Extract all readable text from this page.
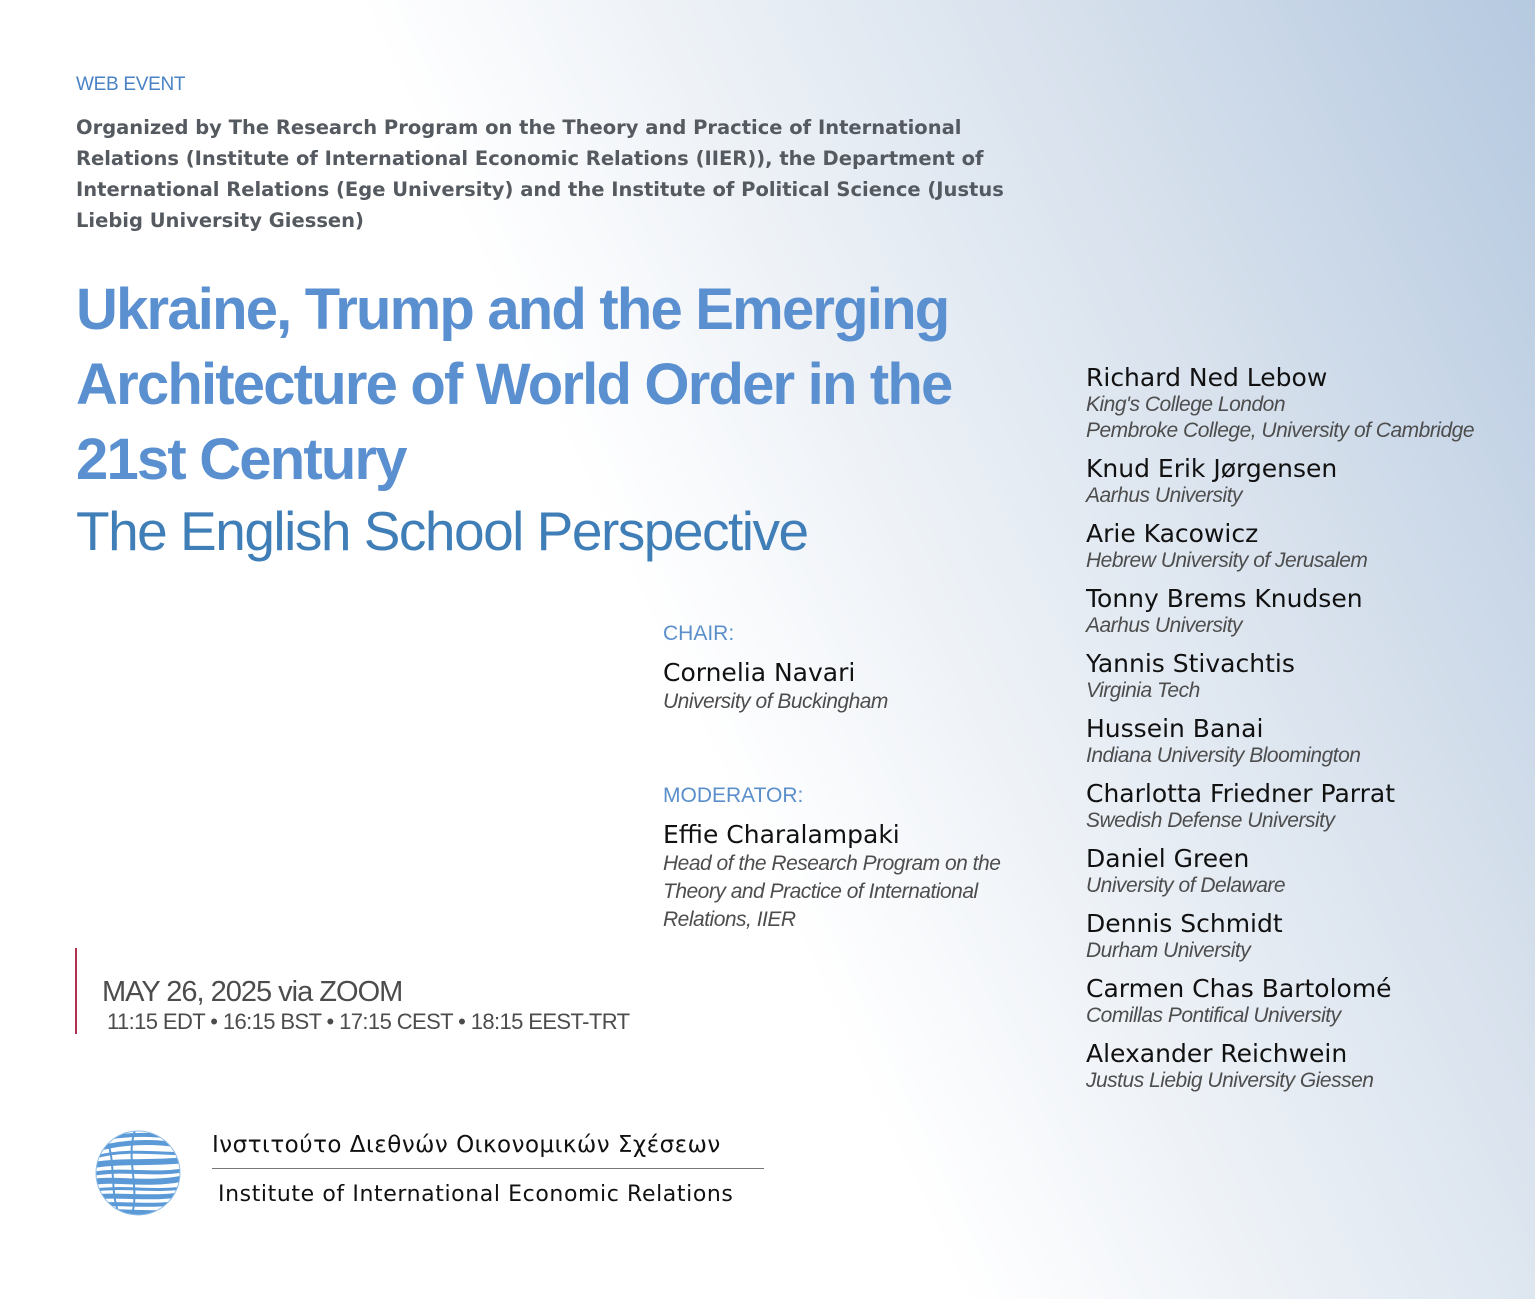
WEB EVENT
Organized by The Research Program on the Theory and Practice of International Relations (Institute of International Economic Relations (IIER)), the Department of International Relations (Ege University) and the Institute of Political Science (Justus Liebig University Giessen)
Ukraine, Trump and the Emerging
Architecture of World Order in the
21st Century
The English School Perspective
CHAIR:
Cornelia Navari
University of Buckingham
MODERATOR:
Effie Charalampaki
Head of the Research Program on the
Theory and Practice of International
Relations, IIER
Richard Ned Lebow
King's College London
Pembroke College, University of Cambridge
Knud Erik Jørgensen
Aarhus University
Arie Kacowicz
Hebrew University of Jerusalem
Tonny Brems Knudsen
Aarhus University
Yannis Stivachtis
Virginia Tech
Hussein Banai
Indiana University Bloomington
Charlotta Friedner Parrat
Swedish Defense University
Daniel Green
University of Delaware
Dennis Schmidt
Durham University
Carmen Chas Bartolomé
Comillas Pontifical University
Alexander Reichwein
Justus Liebig University Giessen
MAY 26, 2025 via ZOOM
11:15 EDT • 16:15 BST • 17:15 CEST • 18:15 EEST-TRT
Ινστιτούτο Διεθνών Οικονομικών Σχέσεων
Institute of International Economic Relations
